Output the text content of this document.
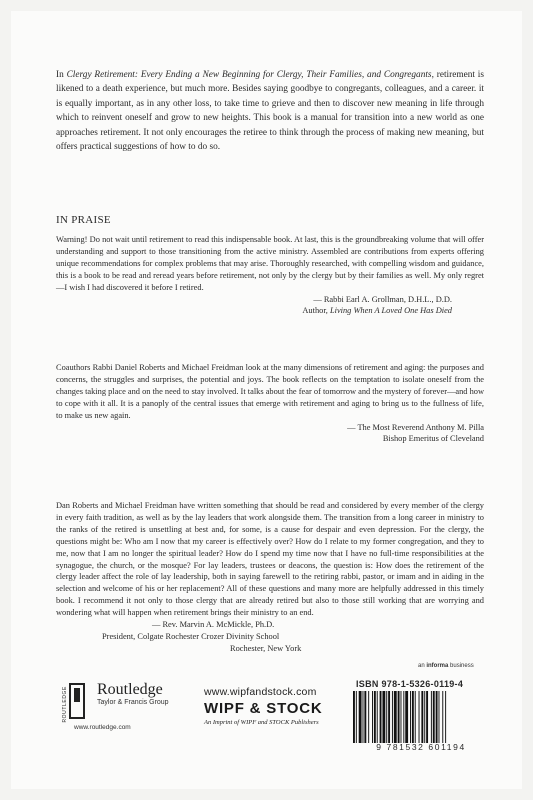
In Clergy Retirement: Every Ending a New Beginning for Clergy, Their Families, and Congregants, retirement is likened to a death experience, but much more. Besides saying goodbye to congregants, colleagues, and a career. it is equally important, as in any other loss, to take time to grieve and then to discover new meaning in life through which to reinvent oneself and grow to new heights. This book is a manual for transition into a new world as one approaches retirement. It not only encourages the retiree to think through the process of making new meaning, but offers practical suggestions of how to do so.
IN PRAISE
Warning! Do not wait until retirement to read this indispensable book. At last, this is the groundbreaking volume that will offer understanding and support to those transitioning from the active ministry. Assembled are contributions from experts offering unique recommendations for complex problems that may arise. Thoroughly researched, with compelling wisdom and guidance, this is a book to be read and reread years before retirement, not only by the clergy but by their families as well. My only regret—I wish I had discovered it before I retired.
— Rabbi Earl A. Grollman, D.H.L., D.D.
Author, Living When A Loved One Has Died
Coauthors Rabbi Daniel Roberts and Michael Freidman look at the many dimensions of retirement and aging: the purposes and concerns, the struggles and surprises, the potential and joys. The book reflects on the temptation to isolate oneself from the changes taking place and on the need to stay involved. It talks about the fear of tomorrow and the mystery of forever—and how to cope with it all. It is a panoply of the central issues that emerge with retirement and aging to bring us to the fullness of life, to make us new again.
— The Most Reverend Anthony M. Pilla
Bishop Emeritus of Cleveland
Dan Roberts and Michael Freidman have written something that should be read and considered by every member of the clergy in every faith tradition, as well as by the lay leaders that work alongside them. The transition from a long career in ministry to the ranks of the retired is unsettling at best and, for some, is a cause for despair and even depression. For the clergy, the questions might be: Who am I now that my career is effectively over? How do I relate to my former congregation, and they to me, now that I am no longer the spiritual leader? How do I spend my time now that I have no full-time responsibilities at the synagogue, the church, or the mosque? For lay leaders, trustees or deacons, the question is: How does the retirement of the clergy leader affect the role of lay leadership, both in saying farewell to the retiring rabbi, pastor, or imam and in aiding in the selection and welcome of his or her replacement? All of these questions and many more are helpfully addressed in this timely book. I recommend it not only to those clergy that are already retired but also to those still working that are worrying and wondering what will happen when retirement brings their ministry to an end.
— Rev. Marvin A. McMickle, Ph.D.
President, Colgate Rochester Crozer Divinity School
Rochester, New York
an informa business
ROUTLEDGE Routledge
Taylor & Francis Group
www.routledge.com
www.wipfandstock.com
WIPF & STOCK
An Imprint of WIPF and STOCK Publishers
ISBN 978-1-5326-0119-4
9 781532 601194
